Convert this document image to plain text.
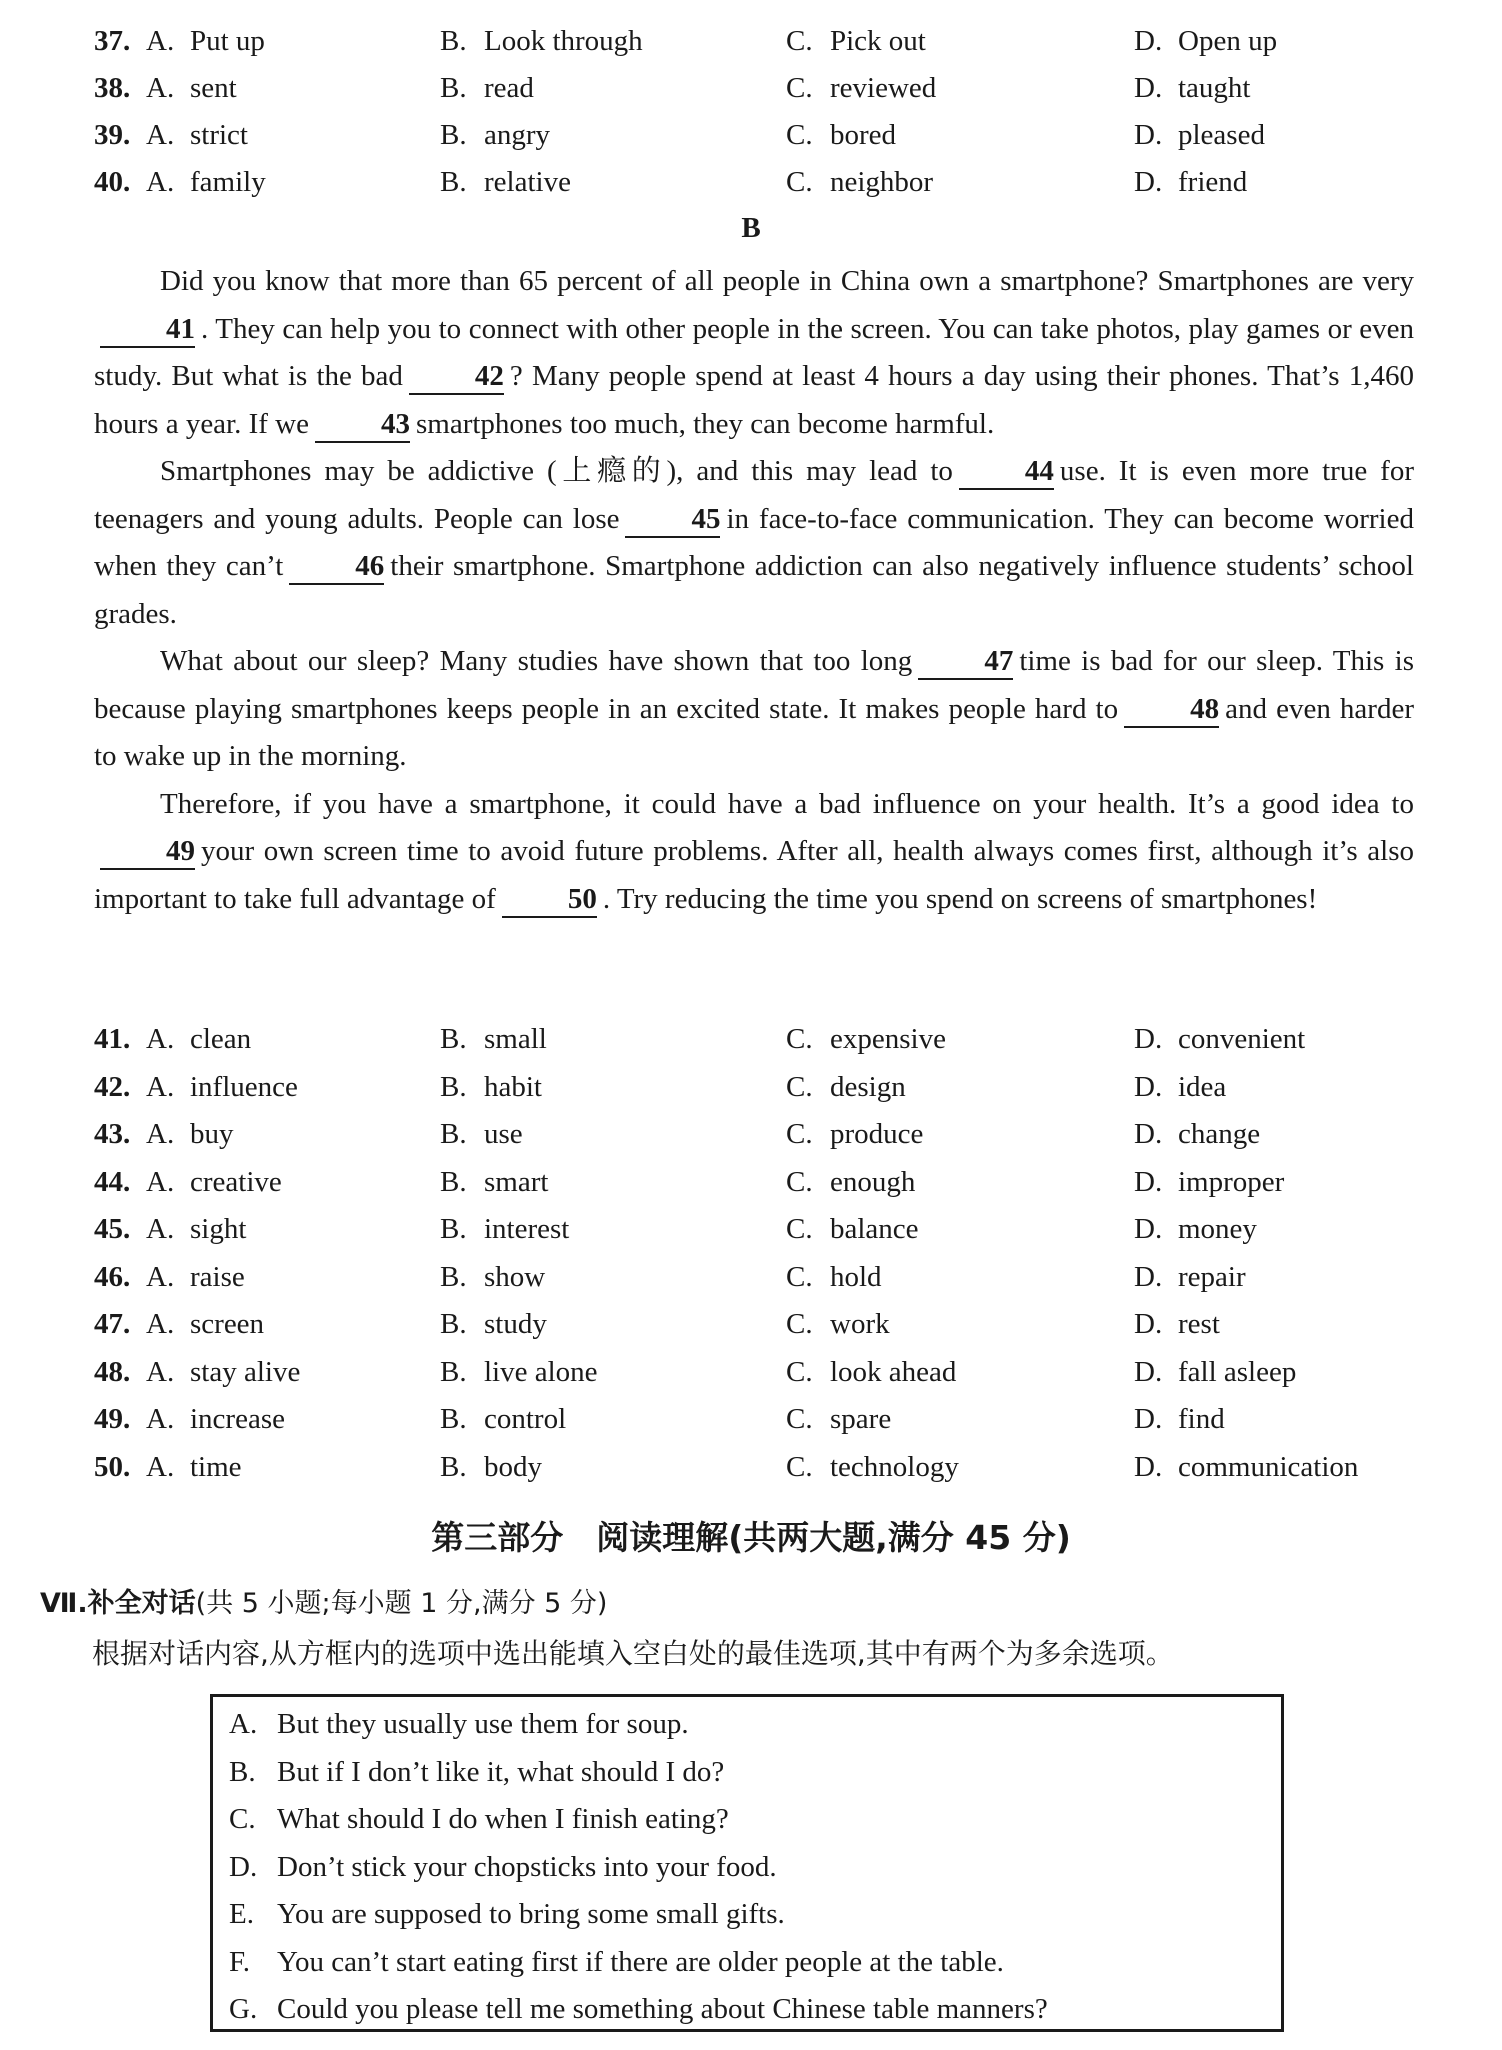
37. A. Put up	B. Look through	C. Pick out	D. Open up
38. A. sent	B. read	C. reviewed	D. taught
39. A. strict	B. angry	C. bored	D. pleased
40. A. family	B. relative	C. neighbor	D. friend
B

Did you know that more than 65 percent of all people in China own a smartphone? Smartphones are very41 . They can help you to connect with other people in the screen. You can take photos, play games or even study. But what is the bad 42 ? Many people spend at least 4 hours a day using their phones. That’s 1,460 hours a year. If we 43 smartphones too much, they can become harmful.

Smartphones may be addictive (上瘾的), and this may lead to 44 use. It is even more true for teenagers and young adults. People can lose 45 in face-to-face communication. They can become worried when they can’t 46 their smartphone. Smartphone addiction can also negatively influence students’ school grades.

What about our sleep? Many studies have shown that too long 47 time is bad for our sleep. This is because playing smartphones keeps people in an excited state. It makes people hard to 48 and even harder to wake up in the morning.

Therefore, if you have a smartphone, it could have a bad influence on your health. It’s a good idea to49 your own screen time to avoid future problems. After all, health always comes first, although it’s also important to take full advantage of 50 . Try reducing the time you spend on screens of smartphones!

41. A. clean	B. small	C. expensive	D. convenient
42. A. influence	B. habit	C. design	D. idea
43. A. buy	B. use	C. produce	D. change
44. A. creative	B. smart	C. enough	D. improper
45. A. sight	B. interest	C. balance	D. money
46. A. raise	B. show	C. hold	D. repair
47. A. screen	B. study	C. work	D. rest
48. A. stay alive	B. live alone	C. look ahead	D. fall asleep
49. A. increase	B. control	C. spare	D. find
50. A. time	B. body	C. technology	D. communication
第三部分　阅读理解(共两大题,满分 45 分)
Ⅶ.补全对话(共 5 小题;每小题 1 分,满分 5 分)
根据对话内容,从方框内的选项中选出能填入空白处的最佳选项,其中有两个为多余选项。
A. But they usually use them for soup.
B. But if I don’t like it, what should I do?
C. What should I do when I finish eating?
D. Don’t stick your chopsticks into your food.
E. You are supposed to bring some small gifts.
F. You can’t start eating first if there are older people at the table.
G. Could you please tell me something about Chinese table manners?
